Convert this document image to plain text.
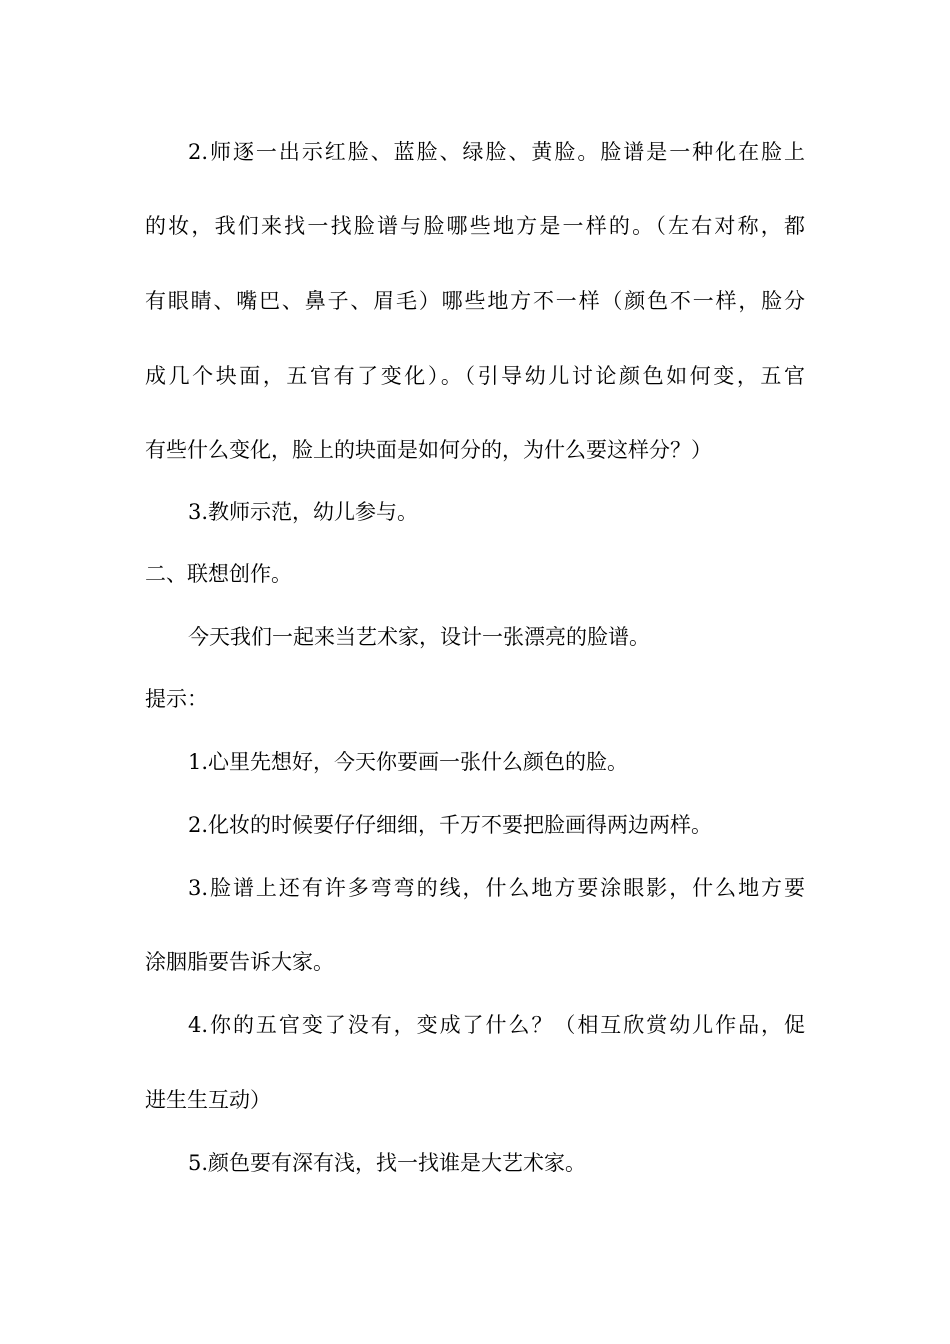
2.师逐一出示红脸、蓝脸、绿脸、黄脸。脸谱是一种化在脸上
的妆，我们来找一找脸谱与脸哪些地方是一样的。（左右对称，都
有眼睛、嘴巴、鼻子、眉毛）哪些地方不一样（颜色不一样，脸分
成几个块面，五官有了变化）。（引导幼儿讨论颜色如何变，五官
有些什么变化，脸上的块面是如何分的，为什么要这样分？）
3.教师示范，幼儿参与。
二、联想创作。
今天我们一起来当艺术家，设计一张漂亮的脸谱。
提示：
1.心里先想好，今天你要画一张什么颜色的脸。
2.化妆的时候要仔仔细细，千万不要把脸画得两边两样。
3.脸谱上还有许多弯弯的线，什么地方要涂眼影，什么地方要
涂胭脂要告诉大家。
4.你的五官变了没有，变成了什么？（相互欣赏幼儿作品，促
进生生互动）
5.颜色要有深有浅，找一找谁是大艺术家。
